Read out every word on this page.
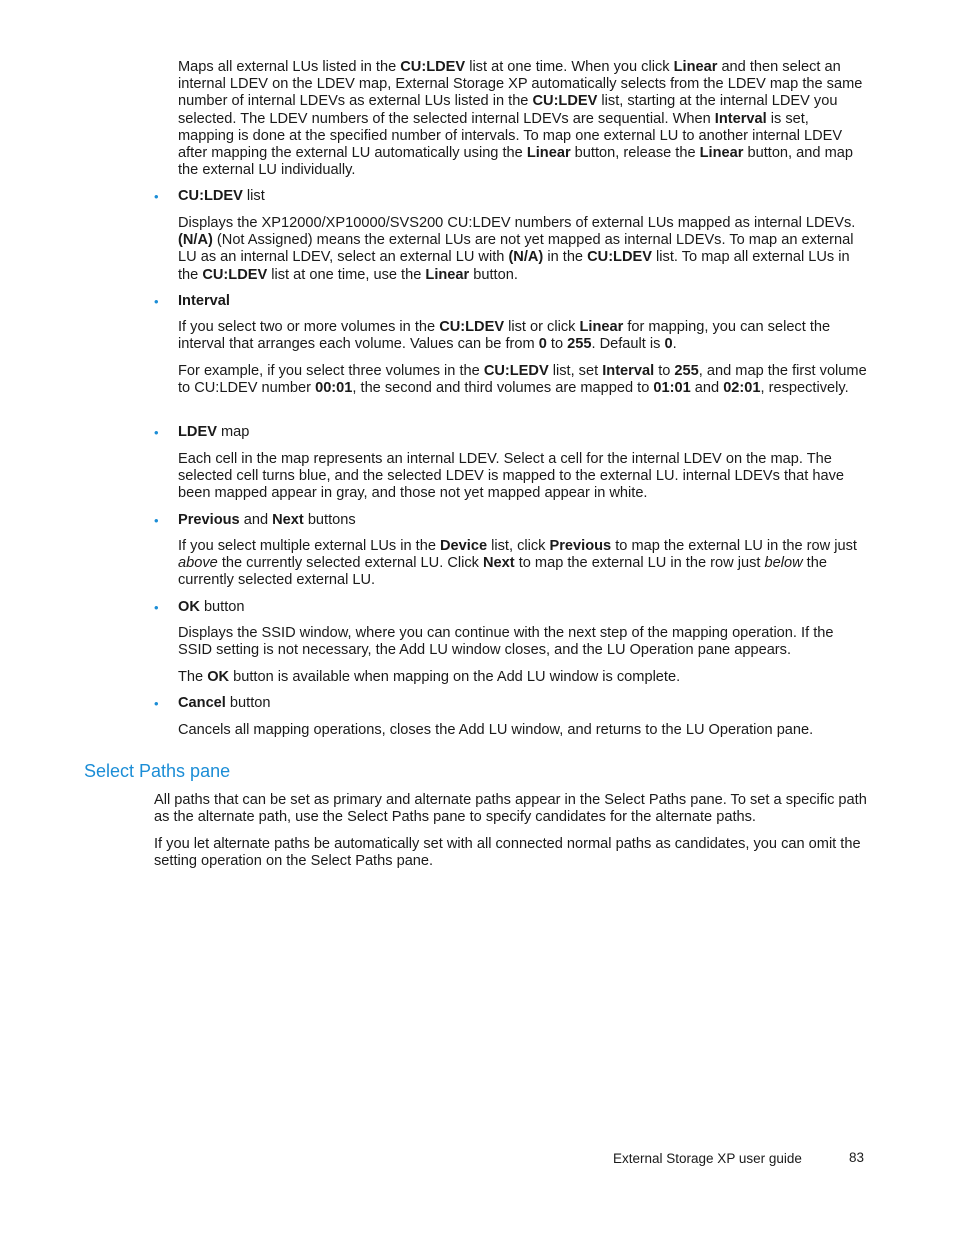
Maps all external LUs listed in the CU:LDEV list at one time. When you click Linear and then select an internal LDEV on the LDEV map, External Storage XP automatically selects from the LDEV map the same number of internal LDEVs as external LUs listed in the CU:LDEV list, starting at the internal LDEV you selected. The LDEV numbers of the selected internal LDEVs are sequential. When Interval is set, mapping is done at the specified number of intervals. To map one external LU to another internal LDEV after mapping the external LU automatically using the Linear button, release the Linear button, and map the external LU individually.

• CU:LDEV list

Displays the XP12000/XP10000/SVS200 CU:LDEV numbers of external LUs mapped as internal LDEVs. (N/A) (Not Assigned) means the external LUs are not yet mapped as internal LDEVs. To map an external LU as an internal LDEV, select an external LU with (N/A) in the CU:LDEV list. To map all external LUs in the CU:LDEV list at one time, use the Linear button.

• Interval

If you select two or more volumes in the CU:LDEV list or click Linear for mapping, you can select the interval that arranges each volume. Values can be from 0 to 255. Default is 0.

For example, if you select three volumes in the CU:LEDV list, set Interval to 255, and map the first volume to CU:LDEV number 00:01, the second and third volumes are mapped to 01:01 and 02:01, respectively.

• LDEV map

Each cell in the map represents an internal LDEV. Select a cell for the internal LDEV on the map. The selected cell turns blue, and the selected LDEV is mapped to the external LU. internal LDEVs that have been mapped appear in gray, and those not yet mapped appear in white.

• Previous and Next buttons

If you select multiple external LUs in the Device list, click Previous to map the external LU in the row just above the currently selected external LU. Click Next to map the external LU in the row just below the currently selected external LU.

• OK button

Displays the SSID window, where you can continue with the next step of the mapping operation. If the SSID setting is not necessary, the Add LU window closes, and the LU Operation pane appears.

The OK button is available when mapping on the Add LU window is complete.

• Cancel button

Cancels all mapping operations, closes the Add LU window, and returns to the LU Operation pane.

Select Paths pane

All paths that can be set as primary and alternate paths appear in the Select Paths pane. To set a specific path as the alternate path, use the Select Paths pane to specify candidates for the alternate paths.

If you let alternate paths be automatically set with all connected normal paths as candidates, you can omit the setting operation on the Select Paths pane.

External Storage XP user guide	83
